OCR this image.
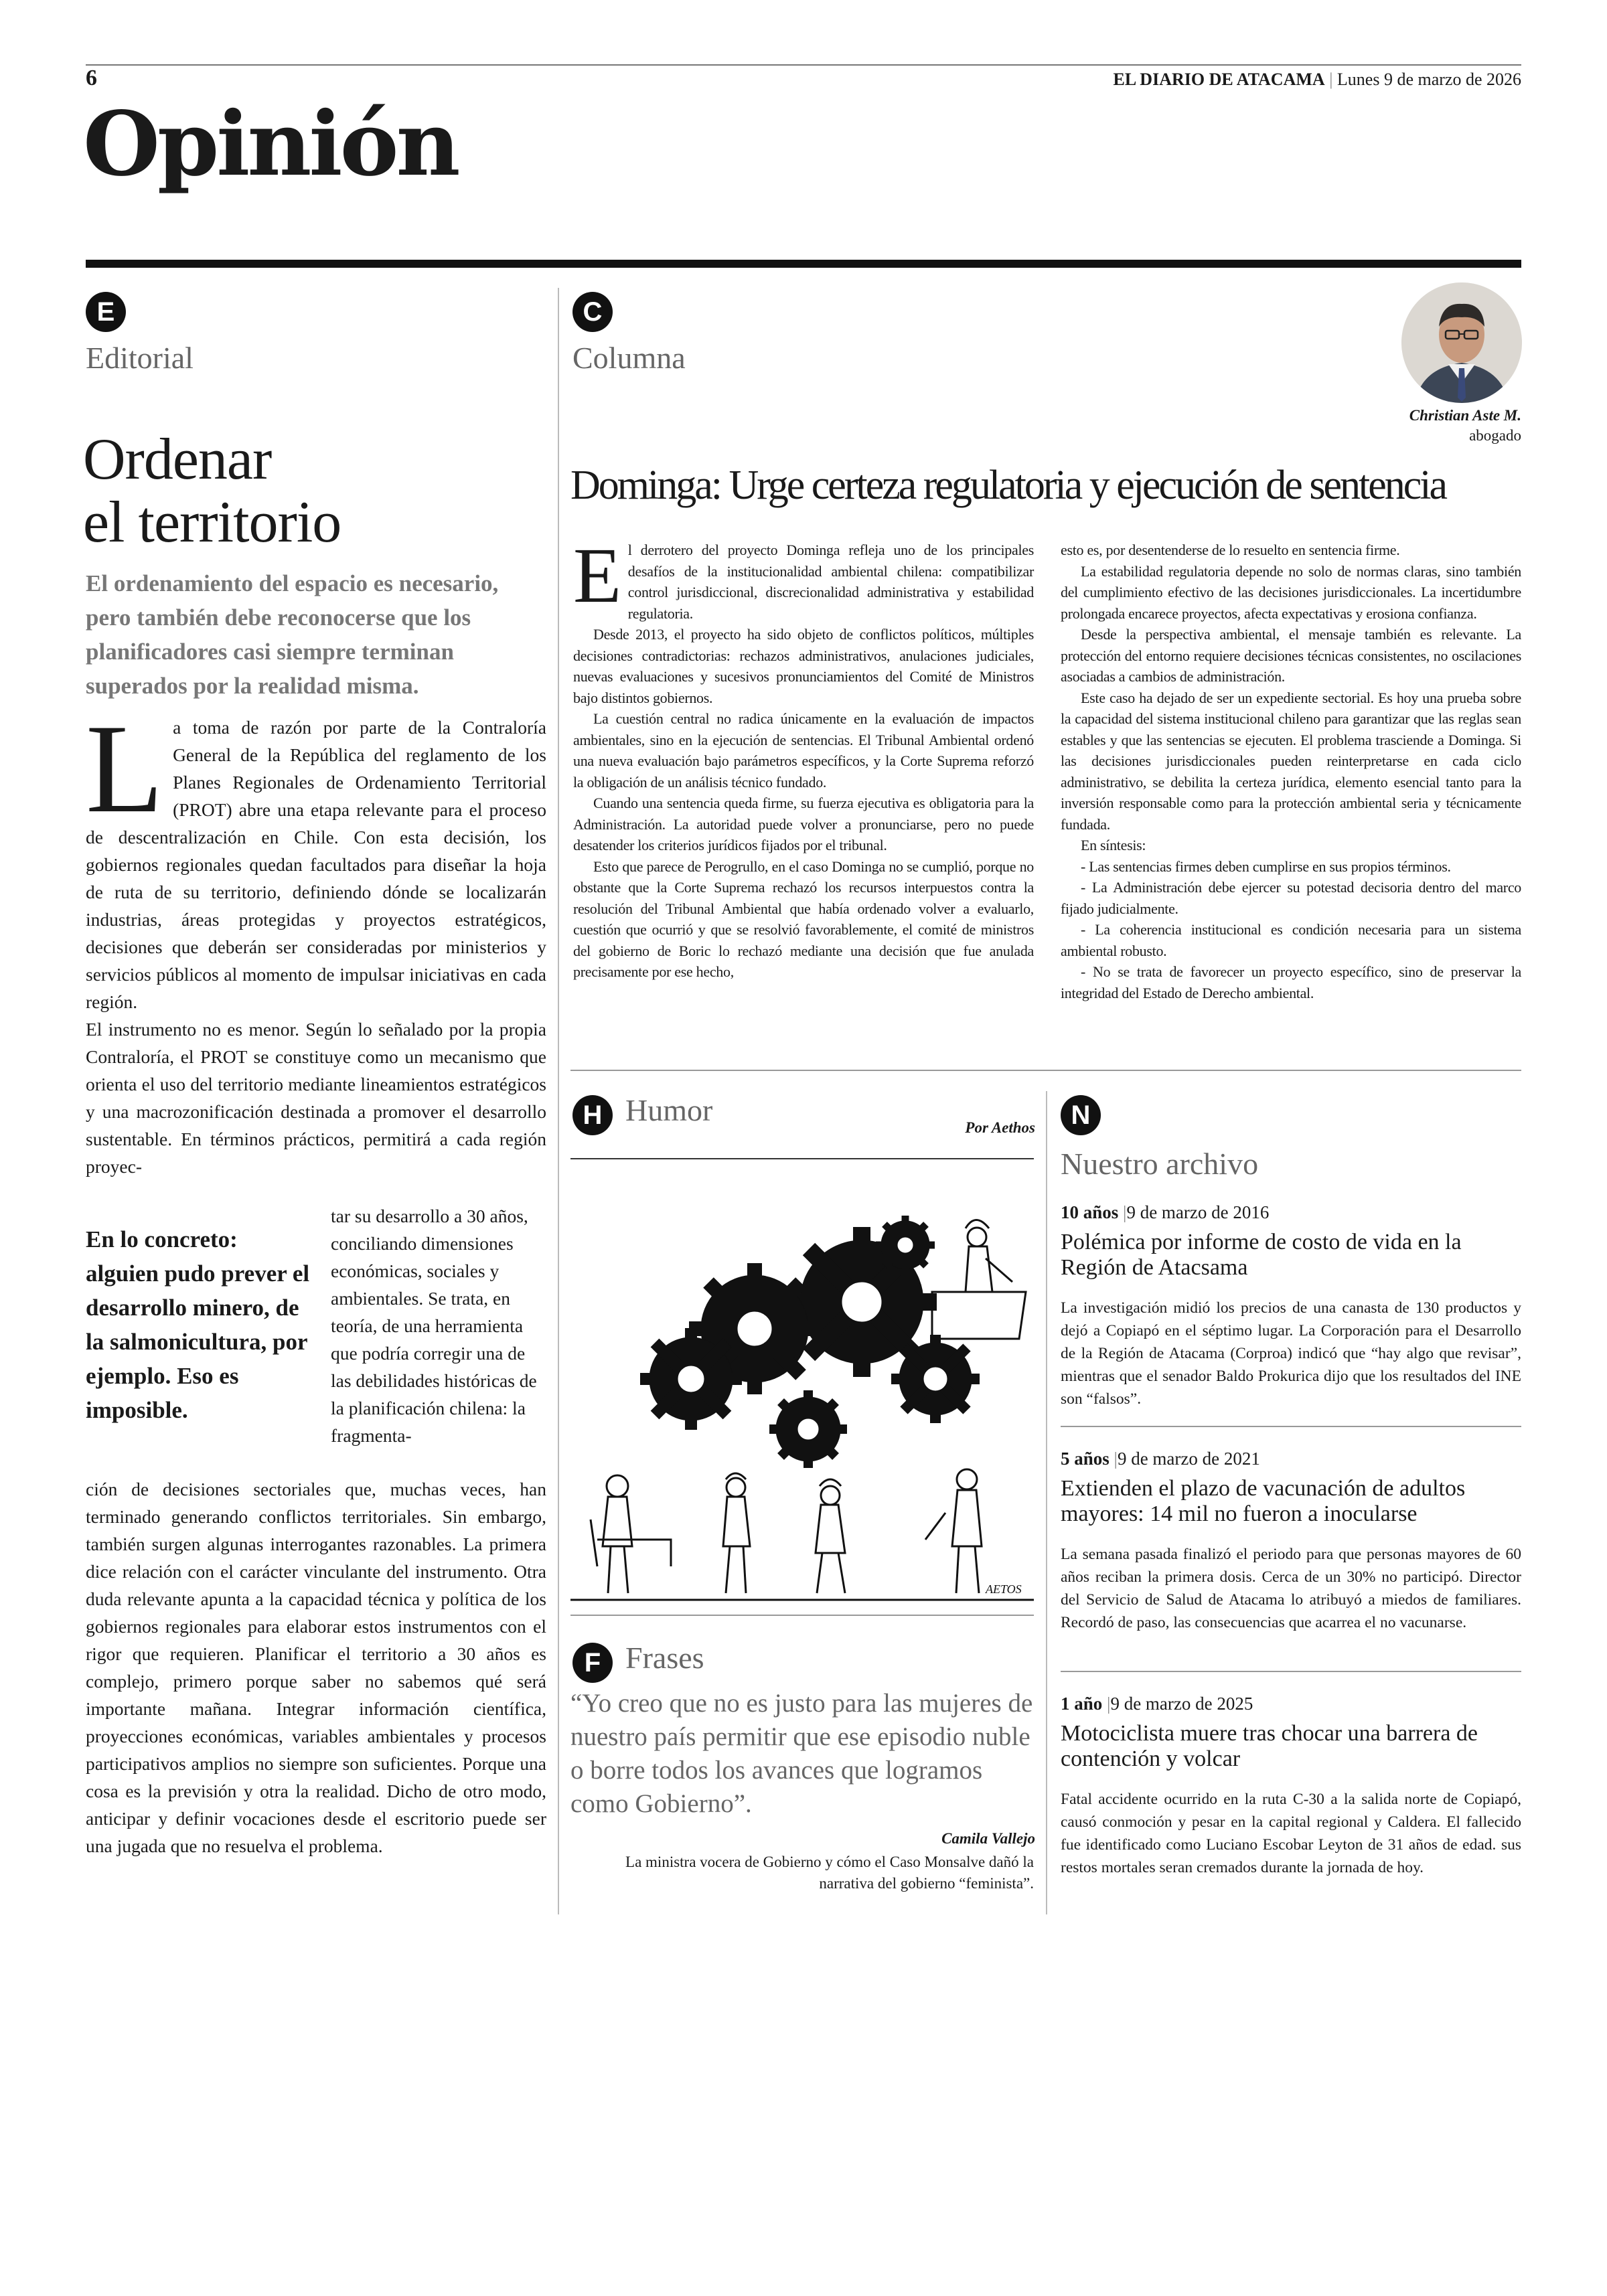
6	EL DIARIO DE ATACAMA | Lunes 9 de marzo de 2026
Opinión
E
Editorial
Ordenar
el territorio
El ordenamiento del espacio es necesario, pero también debe reconocerse que los planificadores casi siempre terminan superados por la realidad misma.

La toma de razón por parte de la Contraloría General de la República del reglamento de los Planes Regionales de Ordenamiento Territorial (PROT) abre una etapa relevante para el proceso de descentralización en Chile. Con esta decisión, los gobiernos regionales quedan facultados para diseñar la hoja de ruta de su territorio, definiendo dónde se localizarán industrias, áreas protegidas y proyectos estratégicos, decisiones que deberán ser consideradas por ministerios y servicios públicos al momento de impulsar iniciativas en cada región.

El instrumento no es menor. Según lo señalado por la propia Contraloría, el PROT se constituye como un mecanismo que orienta el uso del territorio mediante lineamientos estratégicos y una macrozonificación destinada a promover el desarrollo sustentable. En términos prácticos, permitirá a cada región proyec-

En lo concreto: alguien pudo prever el desarrollo minero, de la salmonicultura, por ejemplo. Eso es imposible.
tar su desarrollo a 30 años, conciliando dimensiones económicas, sociales y ambientales. Se trata, en teoría, de una herramienta que podría corregir una de las debilidades históricas de la planificación chilena: la fragmenta-
ción de decisiones sectoriales que, muchas veces, han terminado generando conflictos territoriales. Sin embargo, también surgen algunas interrogantes razonables. La primera dice relación con el carácter vinculante del instrumento. Otra duda relevante apunta a la capacidad técnica y política de los gobiernos regionales para elaborar estos instrumentos con el rigor que requieren. Planificar el territorio a 30 años es complejo, primero porque saber no sabemos qué será importante mañana. Integrar información científica, proyecciones económicas, variables ambientales y procesos participativos amplios no siempre son suficientes. Porque una cosa es la previsión y otra la realidad. Dicho de otro modo, anticipar y definir vocaciones desde el escritorio puede ser una jugada que no resuelva el problema.
C
Columna
Christian Aste M.
abogado
Dominga: Urge certeza regulatoria y ejecución de sentencia

El derrotero del proyecto Dominga refleja uno de los principales desafíos de la institucionalidad ambiental chilena: compatibilizar control jurisdiccional, discrecionalidad administrativa y estabilidad regulatoria.

Desde 2013, el proyecto ha sido objeto de conflictos políticos, múltiples decisiones contradictorias: rechazos administrativos, anulaciones judiciales, nuevas evaluaciones y sucesivos pronunciamientos del Comité de Ministros bajo distintos gobiernos.

La cuestión central no radica únicamente en la evaluación de impactos ambientales, sino en la ejecución de sentencias. El Tribunal Ambiental ordenó una nueva evaluación bajo parámetros específicos, y la Corte Suprema reforzó la obligación de un análisis técnico fundado.

Cuando una sentencia queda firme, su fuerza ejecutiva es obligatoria para la Administración. La autoridad puede volver a pronunciarse, pero no puede desatender los criterios jurídicos fijados por el tribunal.

Esto que parece de Perogrullo, en el caso Dominga no se cumplió, porque no obstante que la Corte Suprema rechazó los recursos interpuestos contra la resolución del Tribunal Ambiental que había ordenado volver a evaluarlo, cuestión que ocurrió y que se resolvió favorablemente, el comité de ministros del gobierno de Boric lo rechazó mediante una decisión que fue anulada precisamente por ese hecho,

esto es, por desentenderse de lo resuelto en sentencia firme.

La estabilidad regulatoria depende no solo de normas claras, sino también del cumplimiento efectivo de las decisiones jurisdiccionales. La incertidumbre prolongada encarece proyectos, afecta expectativas y erosiona confianza.

Desde la perspectiva ambiental, el mensaje también es relevante. La protección del entorno requiere decisiones técnicas consistentes, no oscilaciones asociadas a cambios de administración.

Este caso ha dejado de ser un expediente sectorial. Es hoy una prueba sobre la capacidad del sistema institucional chileno para garantizar que las reglas sean estables y que las sentencias se ejecuten. El problema trasciende a Dominga. Si las decisiones jurisdiccionales pueden reinterpretarse en cada ciclo administrativo, se debilita la certeza jurídica, elemento esencial tanto para la inversión responsable como para la protección ambiental seria y técnicamente fundada.

En síntesis:

- Las sentencias firmes deben cumplirse en sus propios términos.

- La Administración debe ejercer su potestad decisoria dentro del marco fijado judicialmente.

- La coherencia institucional es condición necesaria para un sistema ambiental robusto.

- No se trata de favorecer un proyecto específico, sino de preservar la integridad del Estado de Derecho ambiental.

H Humor
Por Aethos
AETOS
F Frases
“Yo creo que no es justo para las mujeres de nuestro país permitir que ese episodio nuble o borre todos los avances que logramos como Gobierno”.
Camila Vallejo
La ministra vocera de Gobierno y cómo el Caso Monsalve dañó la narrativa del gobierno “feminista”.
N
Nuestro archivo
10 años |9 de marzo de 2016
Polémica por informe de costo de vida en la Región de Atacsama
La investigación midió los precios de una canasta de 130 productos y dejó a Copiapó en el séptimo lugar. La Corporación para el Desarrollo de la Región de Atacama (Corproa) indicó que “hay algo que revisar”, mientras que el senador Baldo Prokurica dijo que los resultados del INE son “falsos”.
5 años |9 de marzo de 2021
Extienden el plazo de vacunación de adultos mayores: 14 mil no fueron a inocularse
La semana pasada finalizó el periodo para que personas mayores de 60 años reciban la primera dosis. Cerca de un 30% no participó. Director del Servicio de Salud de Atacama lo atribuyó a miedos de familiares. Recordó de paso, las consecuencias que acarrea el no vacunarse.
1 año |9 de marzo de 2025
Motociclista muere tras chocar una barrera de contención y volcar
Fatal accidente ocurrido en la ruta C-30 a la salida norte de Copiapó, causó conmoción y pesar en la capital regional y Caldera. El fallecido fue identificado como Luciano Escobar Leyton de 31 años de edad. sus restos mortales seran cremados durante la jornada de hoy.
